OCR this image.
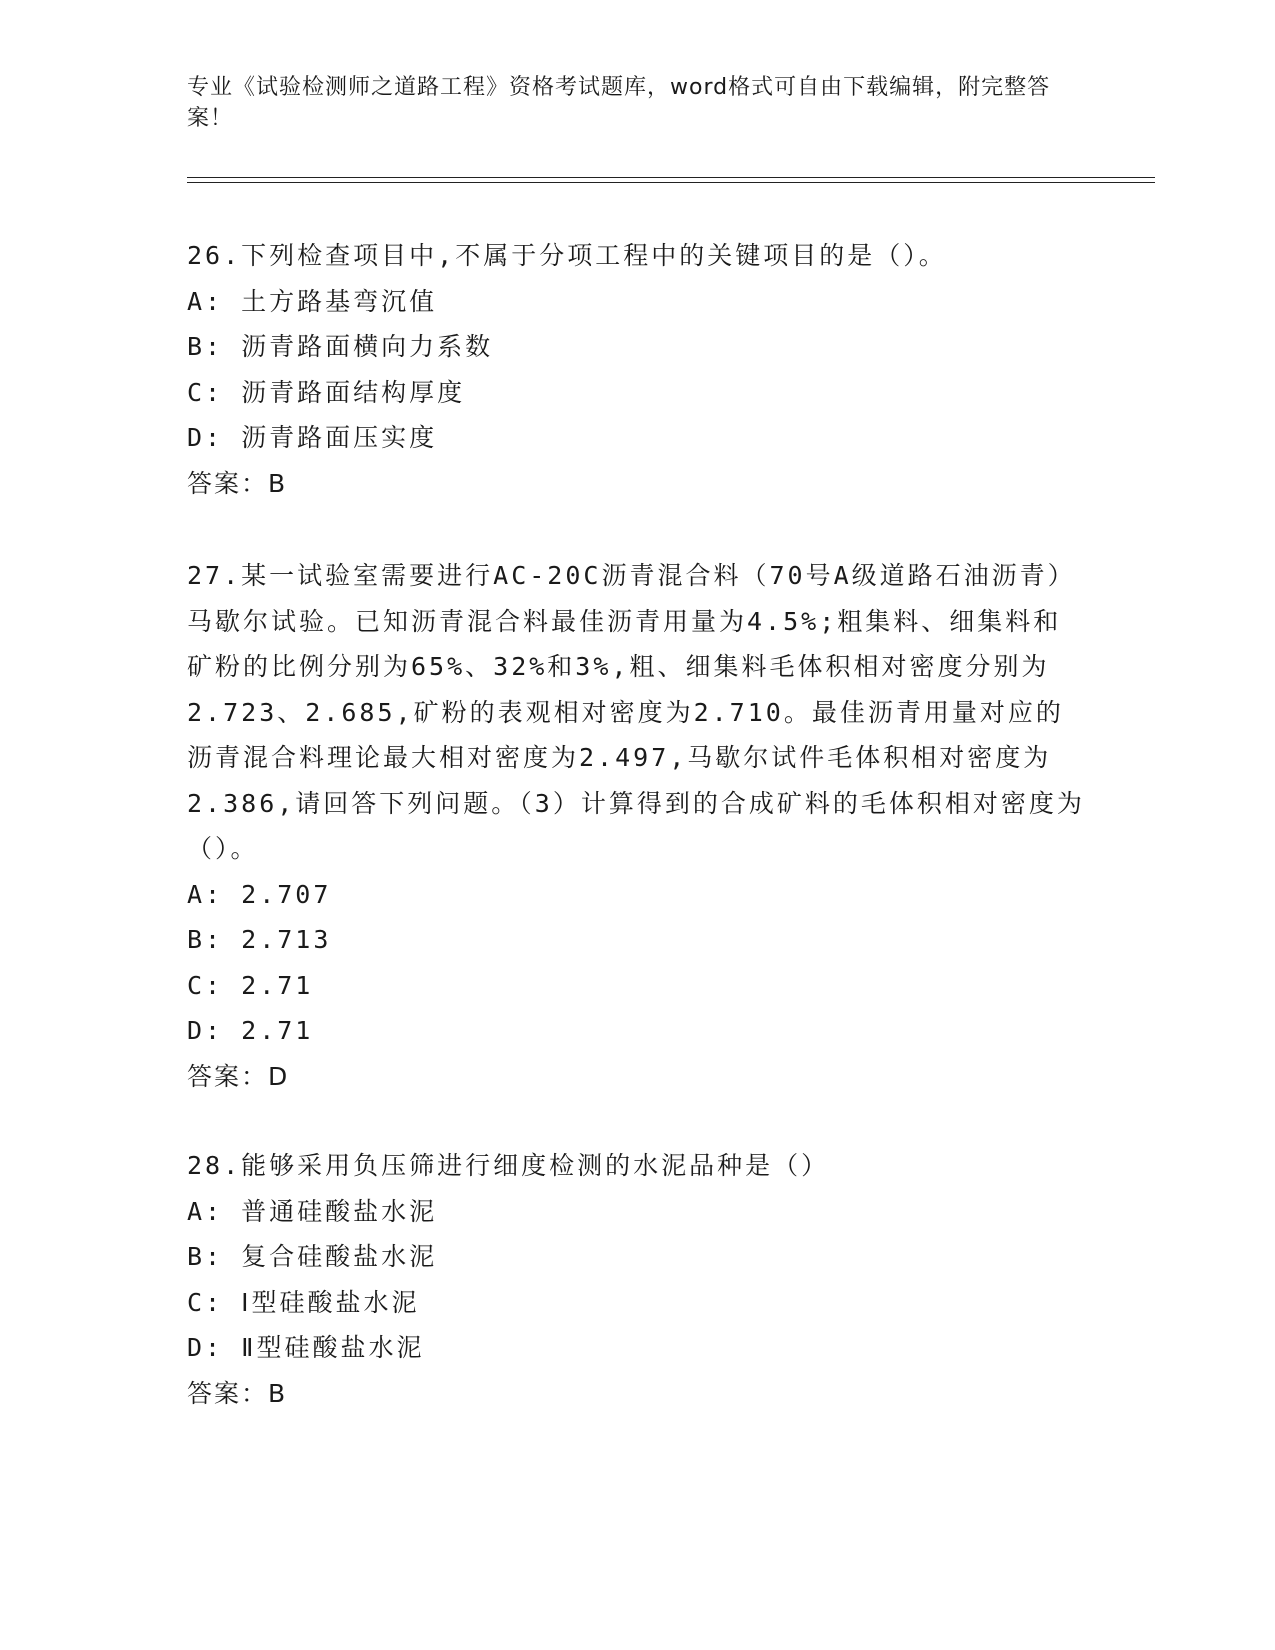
专业《试验检测师之道路工程》资格考试题库，word格式可自由下载编辑，附完整答案！

26.下列检查项目中,不属于分项工程中的关键项目的是（）。

A: 土方路基弯沉值

B: 沥青路面横向力系数

C: 沥青路面结构厚度

D: 沥青路面压实度

答案：B

27.某一试验室需要进行AC-20C沥青混合料（70号A级道路石油沥青）马歇尔试验。已知沥青混合料最佳沥青用量为4.5%;粗集料、细集料和矿粉的比例分别为65%、32%和3%,粗、细集料毛体积相对密度分别为2.723、2.685,矿粉的表观相对密度为2.710。最佳沥青用量对应的沥青混合料理论最大相对密度为2.497,马歇尔试件毛体积相对密度为2.386,请回答下列问题。（3）计算得到的合成矿料的毛体积相对密度为（）。

A: 2.707

B: 2.713

C: 2.71

D: 2.71

答案：D

28.能够采用负压筛进行细度检测的水泥品种是（）

A: 普通硅酸盐水泥

B: 复合硅酸盐水泥

C: Ⅰ型硅酸盐水泥

D: Ⅱ型硅酸盐水泥

答案：B
